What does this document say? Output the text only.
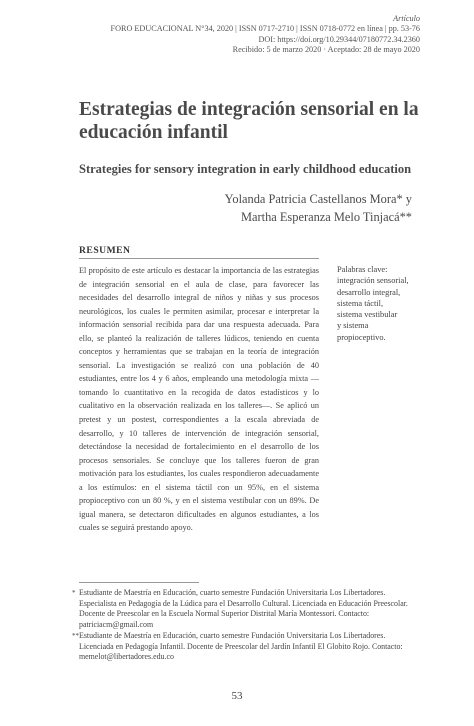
Artículo
FORO EDUCACIONAL N°34, 2020 | ISSN 0717-2710 | ISSN 0718-0772 en línea | pp. 53-76
DOI: https://doi.org/10.29344/07180772.34.2360
Recibido: 5 de marzo 2020 · Aceptado: 28 de mayo 2020
Estrategias de integración sensorial en la educación infantil
Strategies for sensory integration in early childhood education
Yolanda Patricia Castellanos Mora* y
Martha Esperanza Melo Tinjacá**
RESUMEN

El propósito de este artículo es destacar la importancia de las estrategias de integración sensorial en el aula de clase, para favorecer las necesidades del desarrollo integral de niños y niñas y sus procesos neurológicos, los cuales le permiten asimilar, procesar e interpretar la información sensorial recibida para dar una respuesta adecuada. Para ello, se planteó la realización de talleres lúdicos, teniendo en cuenta conceptos y herramientas que se trabajan en la teoría de integración sensorial. La investigación se realizó con una población de 40 estudiantes, entre los 4 y 6 años, empleando una metodología mixta —tomando lo cuantitativo en la recogida de datos estadísticos y lo cualitativo en la observación realizada en los talleres—. Se aplicó un pretest y un postest, correspondientes a la escala abreviada de desarrollo, y 10 talleres de intervención de integración sensorial, detectándose la necesidad de fortalecimiento en el desarrollo de los procesos sensoriales. Se concluye que los talleres fueron de gran motivación para los estudiantes, los cuales respondieron adecuadamente a los estímulos: en el sistema táctil con un 95%, en el sistema propioceptivo con un 80 %, y en el sistema vestibular con un 89%. De igual manera, se detectaron dificultades en algunos estudiantes, a los cuales se seguirá prestando apoyo.

Palabras clave:
integración sensorial,
desarrollo integral,
sistema táctil,
sistema vestibular
y sistema
propioceptivo.

* Estudiante de Maestría en Educación, cuarto semestre Fundación Universitaria Los Libertadores. Especialista en Pedagogía de la Lúdica para el Desarrollo Cultural. Licenciada en Educación Preescolar. Docente de Preescolar en la Escuela Normal Superior Distrital María Montessori. Contacto: patriciacm@gmail.com

** Estudiante de Maestría en Educación, cuarto semestre Fundación Universitaria Los Libertadores. Licenciada en Pedagogía Infantil. Docente de Preescolar del Jardín Infantil El Globito Rojo. Contacto: memelot@libertadores.edu.co

53
